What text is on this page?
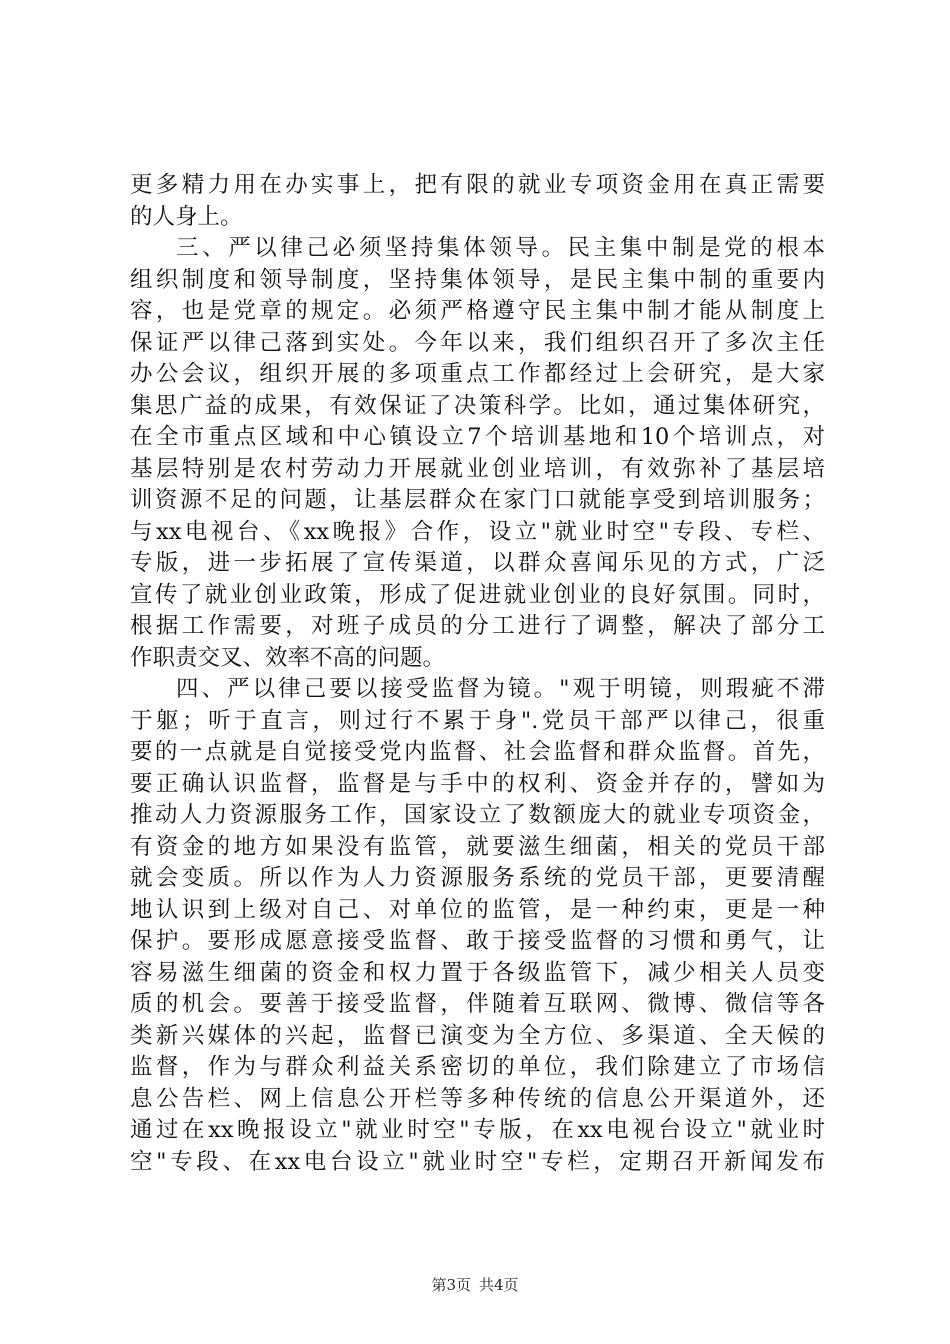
更多精力用在办实事上，把有限的就业专项资金用在真正需要
的人身上。
三、严以律己必须坚持集体领导。民主集中制是党的根本
组织制度和领导制度，坚持集体领导，是民主集中制的重要内
容，也是党章的规定。必须严格遵守民主集中制才能从制度上
保证严以律己落到实处。今年以来，我们组织召开了多次主任
办公会议，组织开展的多项重点工作都经过上会研究，是大家
集思广益的成果，有效保证了决策科学。比如，通过集体研究，
在全市重点区域和中心镇设立7个培训基地和10个培训点，对
基层特别是农村劳动力开展就业创业培训，有效弥补了基层培
训资源不足的问题，让基层群众在家门口就能享受到培训服务；
与xx电视台、《xx晚报》合作，设立"就业时空"专段、专栏、
专版，进一步拓展了宣传渠道，以群众喜闻乐见的方式，广泛
宣传了就业创业政策，形成了促进就业创业的良好氛围。同时，
根据工作需要，对班子成员的分工进行了调整，解决了部分工
作职责交叉、效率不高的问题。
四、严以律己要以接受监督为镜。"观于明镜，则瑕疵不滞
于躯；听于直言，则过行不累于身".党员干部严以律己，很重
要的一点就是自觉接受党内监督、社会监督和群众监督。首先，
要正确认识监督，监督是与手中的权利、资金并存的，譬如为
推动人力资源服务工作，国家设立了数额庞大的就业专项资金，
有资金的地方如果没有监管，就要滋生细菌，相关的党员干部
就会变质。所以作为人力资源服务系统的党员干部，更要清醒
地认识到上级对自己、对单位的监管，是一种约束，更是一种
保护。要形成愿意接受监督、敢于接受监督的习惯和勇气，让
容易滋生细菌的资金和权力置于各级监管下，减少相关人员变
质的机会。要善于接受监督，伴随着互联网、微博、微信等各
类新兴媒体的兴起，监督已演变为全方位、多渠道、全天候的
监督，作为与群众利益关系密切的单位，我们除建立了市场信
息公告栏、网上信息公开栏等多种传统的信息公开渠道外，还
通过在xx晚报设立"就业时空"专版，在xx电视台设立"就业时
空"专段、在xx电台设立"就业时空"专栏，定期召开新闻发布
第3页 共4页
